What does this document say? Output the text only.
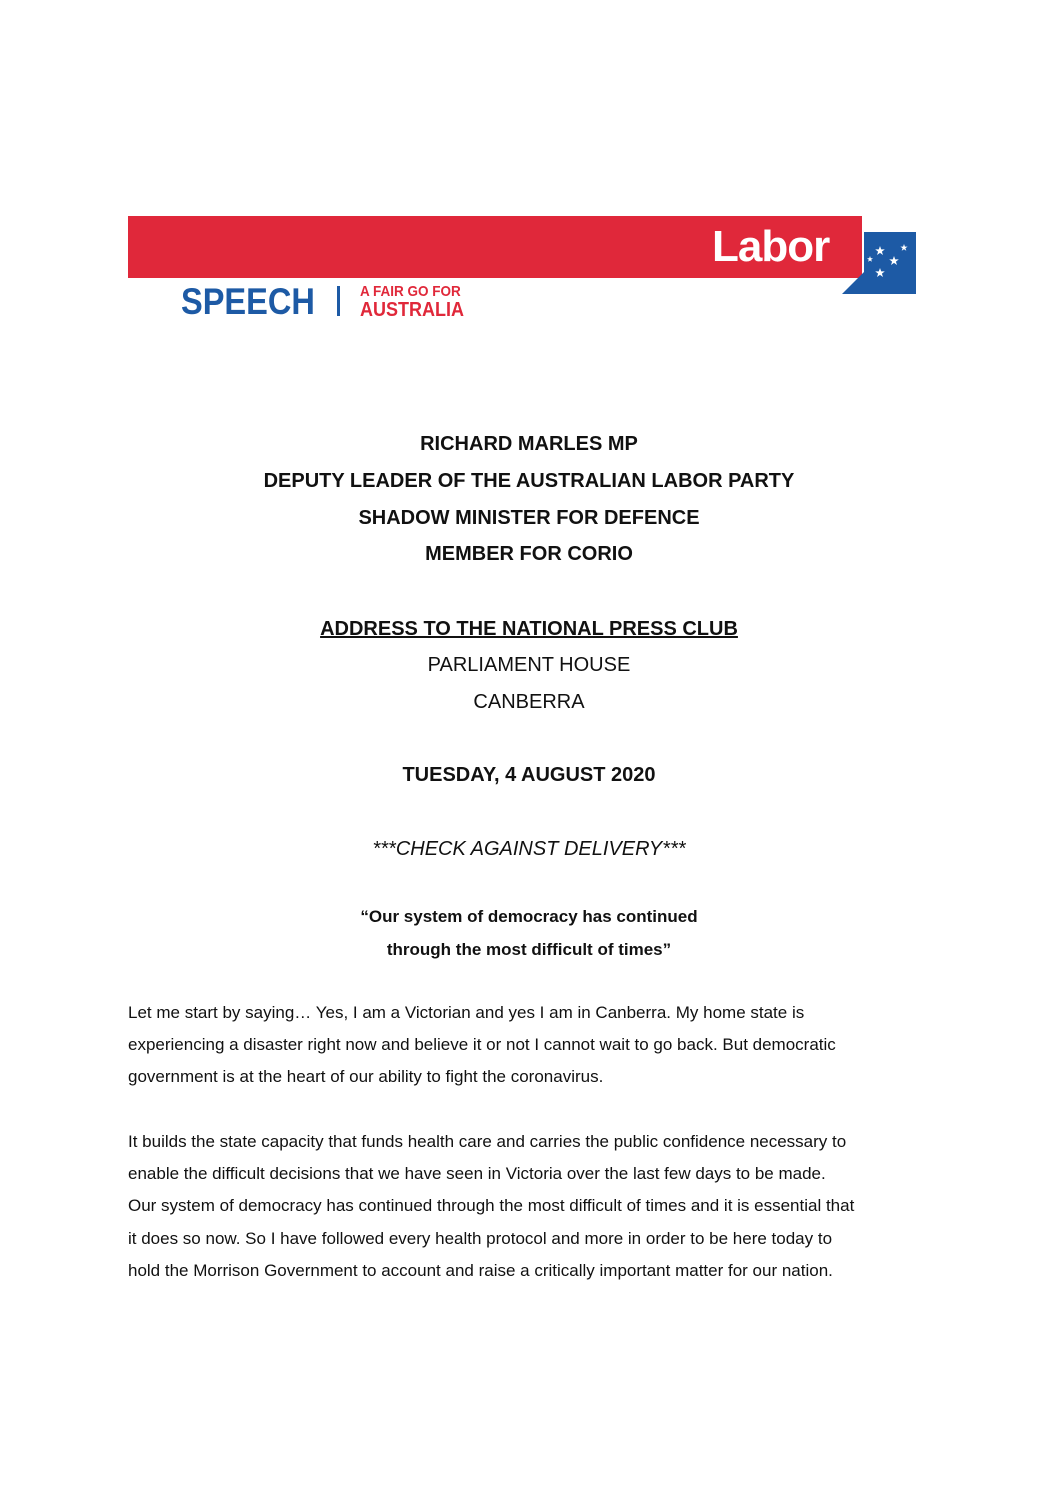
Labor
SPEECH	A FAIR GO FOR
AUSTRALIA
RICHARD MARLES MP
DEPUTY LEADER OF THE AUSTRALIAN LABOR PARTY
SHADOW MINISTER FOR DEFENCE
MEMBER FOR CORIO
ADDRESS TO THE NATIONAL PRESS CLUB
PARLIAMENT HOUSE
CANBERRA
TUESDAY, 4 AUGUST 2020
***CHECK AGAINST DELIVERY***
“Our system of democracy has continued
through the most difficult of times”
Let me start by saying… Yes, I am a Victorian and yes I am in Canberra. My home state is
experiencing a disaster right now and believe it or not I cannot wait to go back. But democratic
government is at the heart of our ability to fight the coronavirus.
It builds the state capacity that funds health care and carries the public confidence necessary to
enable the difficult decisions that we have seen in Victoria over the last few days to be made.
Our system of democracy has continued through the most difficult of times and it is essential that
it does so now. So I have followed every health protocol and more in order to be here today to
hold the Morrison Government to account and raise a critically important matter for our nation.
